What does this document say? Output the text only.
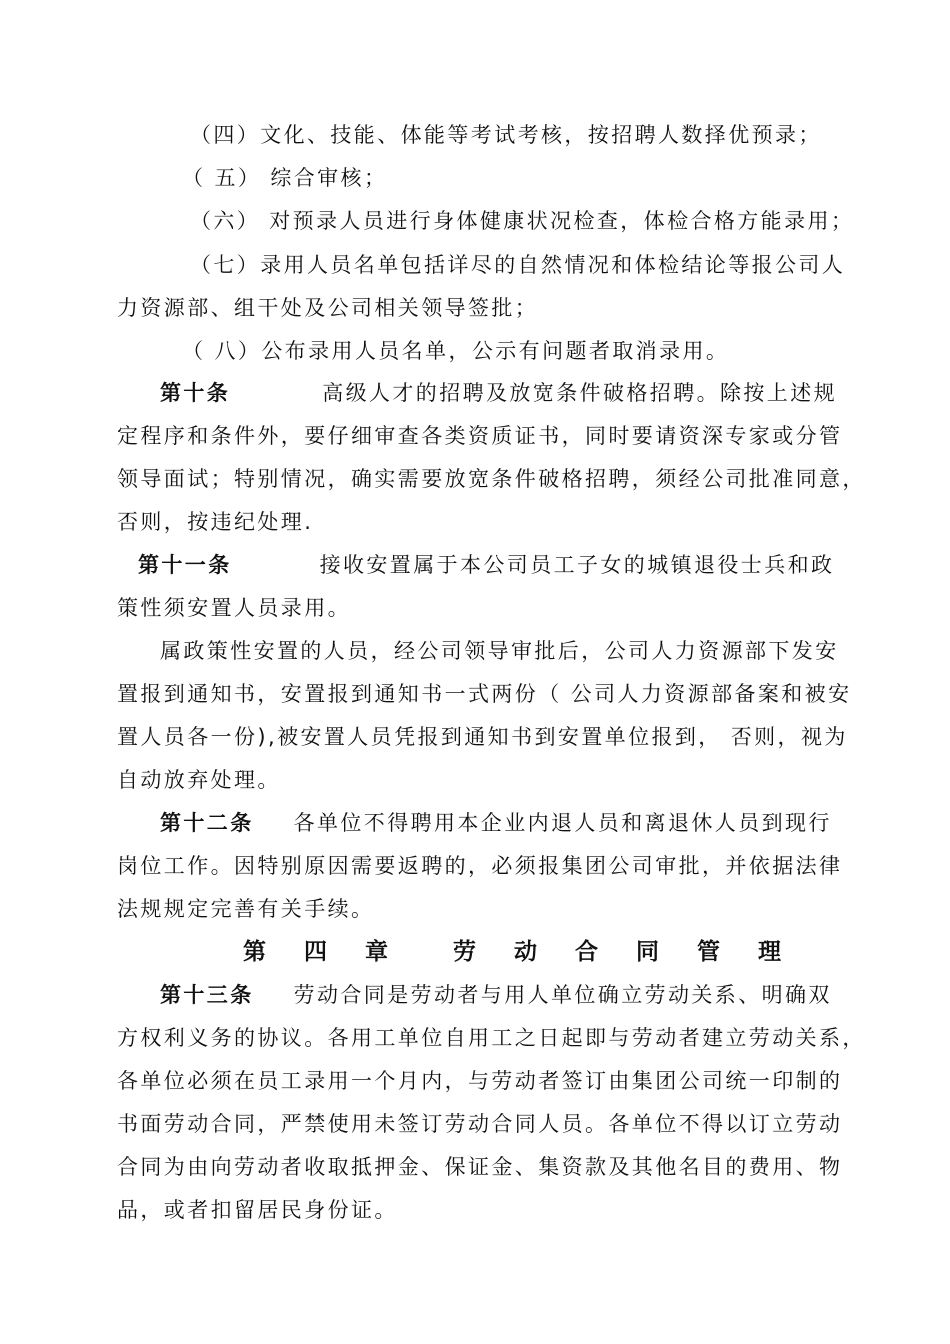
（四）文化、技能、体能等考试考核，按招聘人数择优预录；
（ 五） 综合审核；
（六） 对预录人员进行身体健康状况检查，体检合格方能录用；
（七）录用人员名单包括详尽的自然情况和体检结论等报公司人
力资源部、组干处及公司相关领导签批；
（ 八）公布录用人员名单，公示有问题者取消录用。
第十条	高级人才的招聘及放宽条件破格招聘。除按上述规
定程序和条件外，要仔细审查各类资质证书，同时要请资深专家或分管
领导面试；特别情况，确实需要放宽条件破格招聘，须经公司批准同意，
否则，按违纪处理.
第十一条	接收安置属于本公司员工子女的城镇退役士兵和政
策性须安置人员录用。
属政策性安置的人员，经公司领导审批后，公司人力资源部下发安
置报到通知书，安置报到通知书一式两份（ 公司人力资源部备案和被安
置人员各一份),被安置人员凭报到通知书到安置单位报到， 否则，视为
自动放弃处理。
第十二条 各单位不得聘用本企业内退人员和离退休人员到现行
岗位工作。因特别原因需要返聘的，必须报集团公司审批，并依据法律
法规规定完善有关手续。
第 四 章 劳 动 合 同 管 理
第十三条 劳动合同是劳动者与用人单位确立劳动关系、明确双
方权利义务的协议。各用工单位自用工之日起即与劳动者建立劳动关系，
各单位必须在员工录用一个月内，与劳动者签订由集团公司统一印制的
书面劳动合同，严禁使用未签订劳动合同人员。各单位不得以订立劳动
合同为由向劳动者收取抵押金、保证金、集资款及其他名目的费用、物
品，或者扣留居民身份证。
